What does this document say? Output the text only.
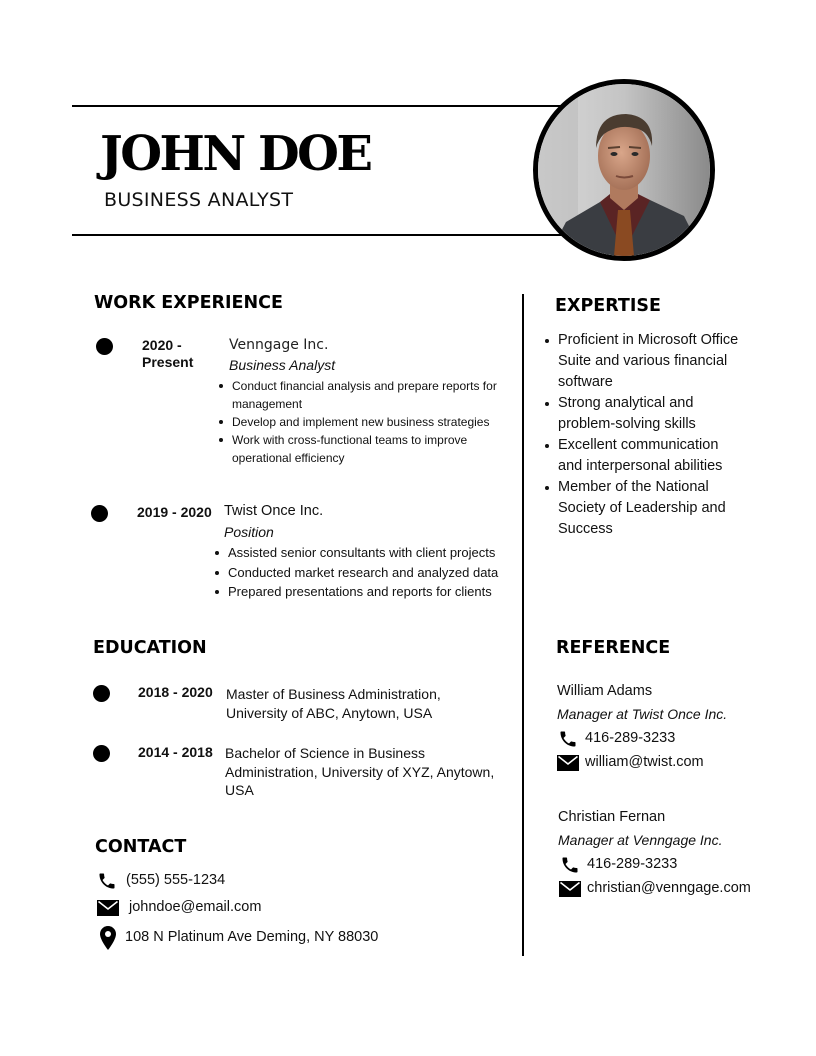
JOHN DOE
BUSINESS ANALYST
WORK EXPERIENCE
2020 -
Present
Venngage Inc.
Business Analyst
Conduct financial analysis and prepare reports for management
Develop and implement new business strategies
Work with cross-functional teams to improve operational efficiency
2019 - 2020 Twist Once Inc.
Position
Assisted senior consultants with client projects
Conducted market research and analyzed data
Prepared presentations and reports for clients
EDUCATION
2018 - 2020 Master of Business Administration, University of ABC, Anytown, USA
2014 - 2018 Bachelor of Science in Business Administration, University of XYZ, Anytown, USA
CONTACT
(555) 555-1234
johndoe@email.com
108 N Platinum Ave Deming, NY 88030
EXPERTISE
Proficient in Microsoft Office Suite and various financial software
Strong analytical and problem-solving skills
Excellent communication and interpersonal abilities
Member of the National Society of Leadership and Success
REFERENCE
William Adams
Manager at Twist Once Inc.
416-289-3233
william@twist.com
Christian Fernan
Manager at Venngage Inc.
416-289-3233
christian@venngage.com
